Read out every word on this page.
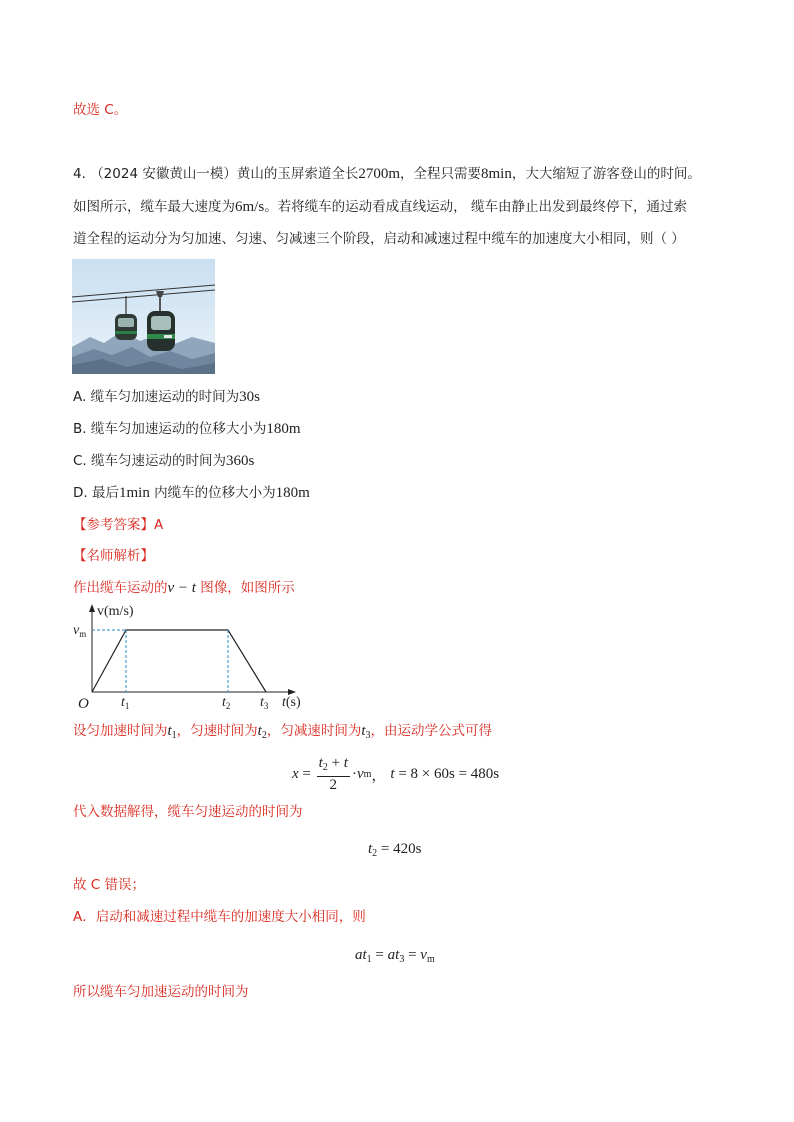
故选 C。
4. （2024 安徽黄山一模）黄山的玉屏索道全长2700m，全程只需要8min，大大缩短了游客登山的时间。
如图所示，缆车最大速度为6m/s。若将缆车的运动看成直线运动， 缆车由静止出发到最终停下，通过索
道全程的运动分为匀加速、匀速、匀减速三个阶段，启动和减速过程中缆车的加速度大小相同，则（ ）
A. 缆车匀加速运动的时间为30s
B. 缆车匀加速运动的位移大小为180m
C. 缆车匀速运动的时间为360s
D. 最后1min 内缆车的位移大小为180m
【参考答案】A
【名师解析】
作出缆车运动的v − t 图像，如图所示
v(m/s)
$v_m$
O $t_1$	$t_2$ $t_3$ t(s)
设匀加速时间为$t_1$，匀速时间为$t_2$，匀减速时间为$t_3$，由运动学公式可得
$x = \frac{t_2 + t}{2} \cdot v$ m ， t = 8 × 60s = 480s
代入数据解得，缆车匀速运动的时间为
$t_2 = 420s$
故 C 错误；
A．启动和减速过程中缆车的加速度大小相同，则
$at_1 = at_3 = v_m$
所以缆车匀加速运动的时间为
